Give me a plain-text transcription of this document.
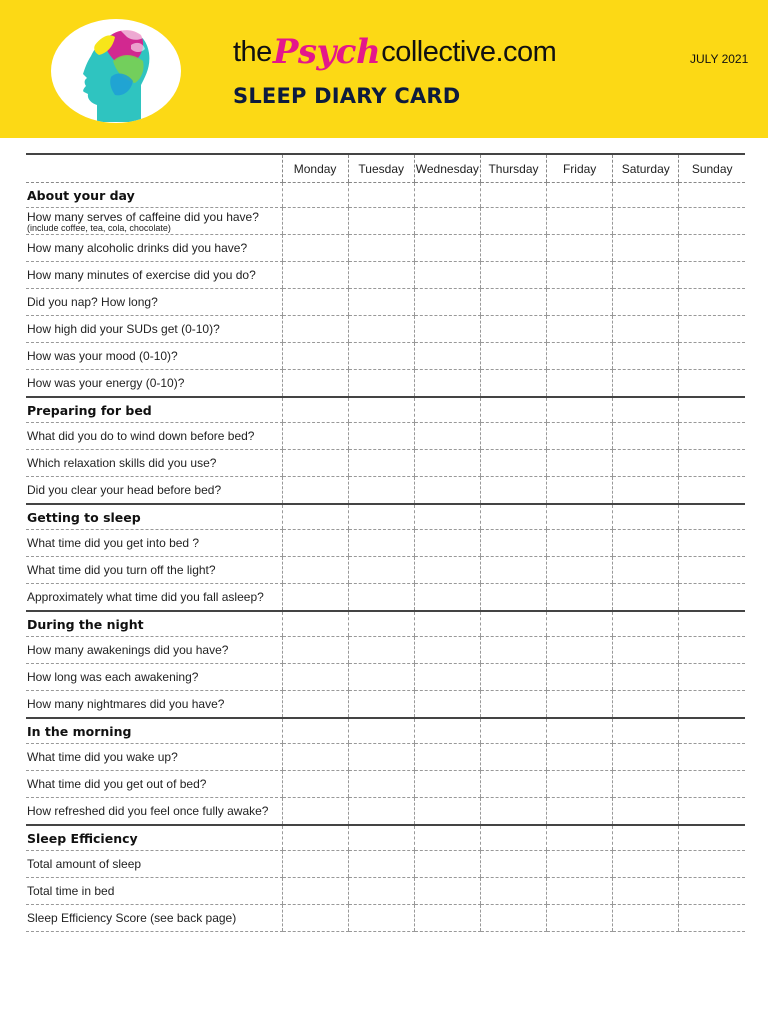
thePsychcollective.com
SLEEP DIARY CARD
JULY 2021
	Monday	Tuesday	Wednesday	Thursday	Friday	Saturday	Sunday
About your day							

How many serves of caffeine did you have?
(include coffee, tea, cola, chocolate)							

How many alcoholic drinks did you have?							
How many minutes of exercise did you do?							
Did you nap? How long?							
How high did your SUDs get (0-10)?							
How was your mood (0-10)?							
How was your energy (0-10)?							
Preparing for bed							
What did you do to wind down before bed?							
Which relaxation skills did you use?							
Did you clear your head before bed?							
Getting to sleep							
What time did you get into bed ?							
What time did you turn off the light?							
Approximately what time did you fall asleep?							
During the night							
How many awakenings did you have?							
How long was each awakening?							
How many nightmares did you have?							
In the morning							
What time did you wake up?							
What time did you get out of bed?							
How refreshed did you feel once fully awake?							
Sleep Efficiency							
Total amount of sleep							
Total time in bed							
Sleep Efficiency Score (see back page)							
